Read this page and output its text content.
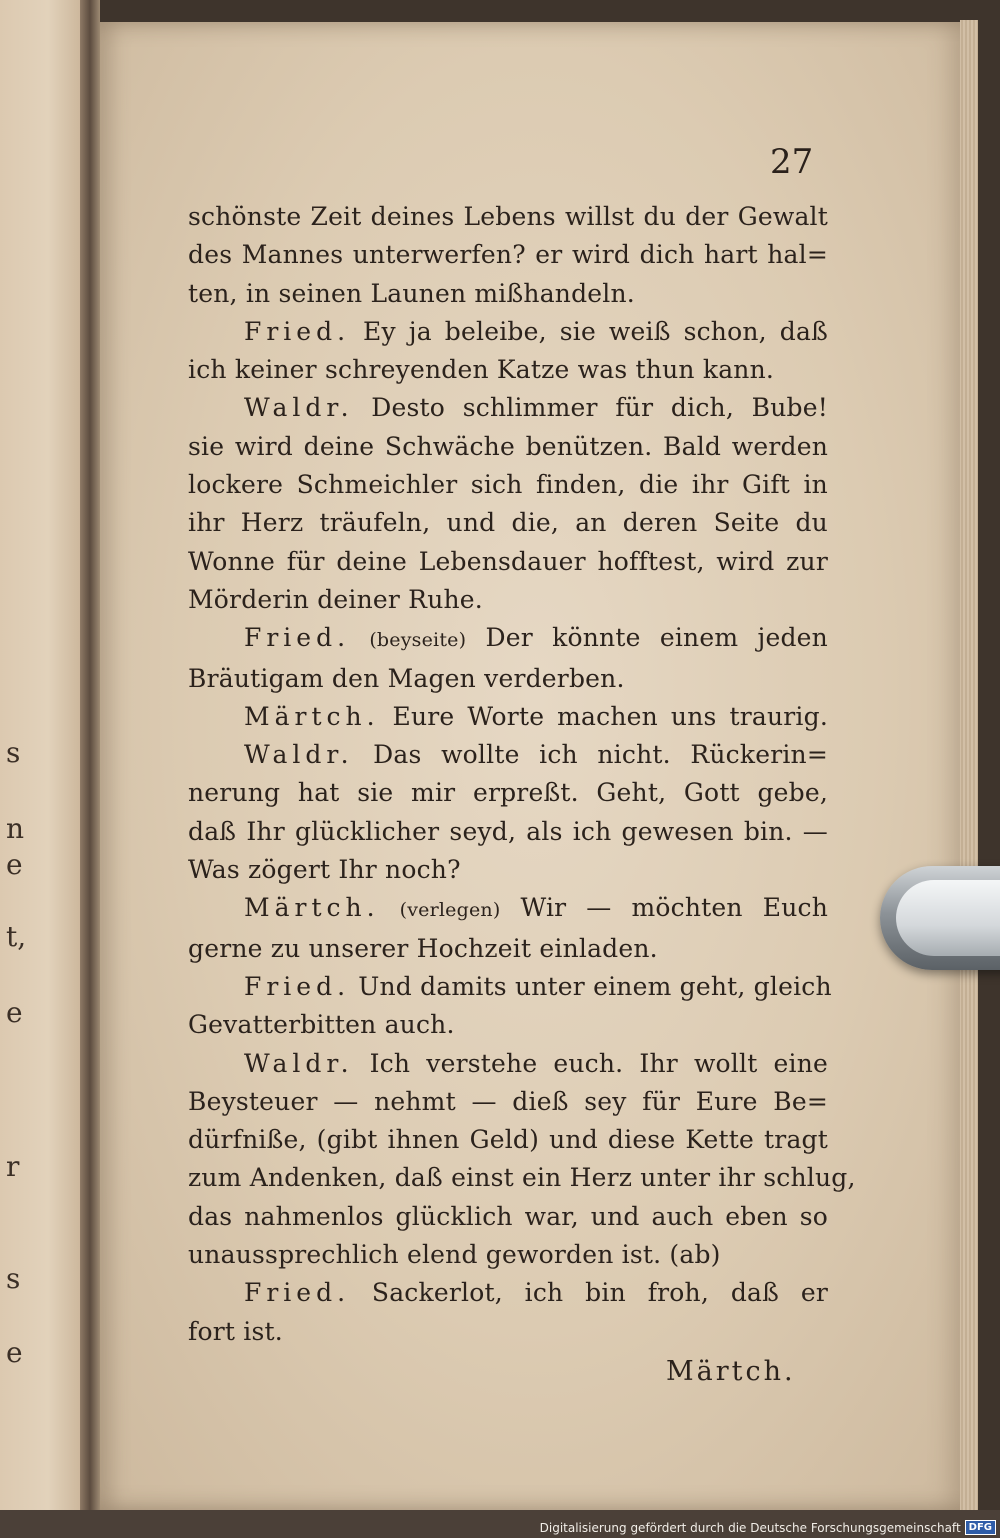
s
n
e
t,
e
r
s
e
27
schönste Zeit deines Lebens willst du der Gewalt
des Mannes unterwerfen? er wird dich hart hal=
ten, in seinen Launen mißhandeln.
Fried. Ey ja beleibe, sie weiß schon, daß
ich keiner schreyenden Katze was thun kann.
Waldr. Desto schlimmer für dich, Bube!
sie wird deine Schwäche benützen. Bald werden
lockere Schmeichler sich finden, die ihr Gift in
ihr Herz träufeln, und die, an deren Seite du
Wonne für deine Lebensdauer hofftest, wird zur
Mörderin deiner Ruhe.
Fried. (beyseite) Der könnte einem jeden
Bräutigam den Magen verderben.
Märtch. Eure Worte machen uns traurig.
Waldr. Das wollte ich nicht. Rückerin=
nerung hat sie mir erpreßt. Geht, Gott gebe,
daß Ihr glücklicher seyd, als ich gewesen bin. —
Was zögert Ihr noch?
Märtch. (verlegen) Wir — möchten Euch
gerne zu unserer Hochzeit einladen.
Fried. Und damits unter einem geht, gleich
Gevatterbitten auch.
Waldr. Ich verstehe euch. Ihr wollt eine
Beysteuer — nehmt — dieß sey für Eure Be=
dürfniße, (gibt ihnen Geld) und diese Kette tragt
zum Andenken, daß einst ein Herz unter ihr schlug,
das nahmenlos glücklich war, und auch eben so
unaussprechlich elend geworden ist. (ab)
Fried. Sackerlot, ich bin froh, daß er
fort ist.
Märtch.
Digitalisierung gefördert durch die Deutsche Forschungsgemeinschaft DFG
